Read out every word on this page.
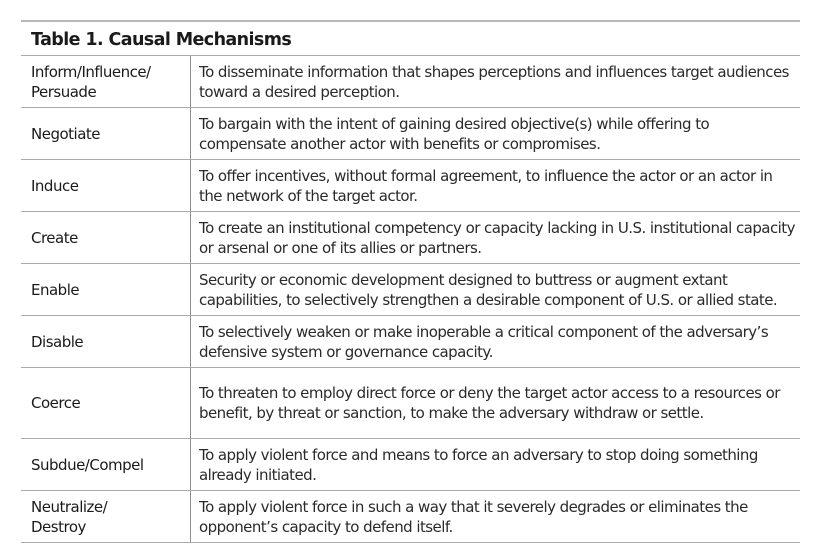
Table 1. Causal Mechanisms
Inform/Influence/
Persuade	To disseminate information that shapes perceptions and influences target audiences toward a desired perception.
Negotiate	To bargain with the intent of gaining desired objective(s) while offering to compensate another actor with benefits or compromises.
Induce	To offer incentives, without formal agreement, to influence the actor or an actor in the network of the target actor.
Create	To create an institutional competency or capacity lacking in U.S. institutional capacity or arsenal or one of its allies or partners.
Enable	Security or economic development designed to buttress or augment extant capabilities, to selectively strengthen a desirable component of U.S. or allied state.
Disable	To selectively weaken or make inoperable a critical component of the adversary’s defensive system or governance capacity.
Coerce	To threaten to employ direct force or deny the target actor access to a resources or benefit, by threat or sanction, to make the adversary withdraw or settle.
Subdue/Compel	To apply violent force and means to force an adversary to stop doing something already initiated.
Neutralize/
Destroy	To apply violent force in such a way that it severely degrades or eliminates the opponent’s capacity to defend itself.
